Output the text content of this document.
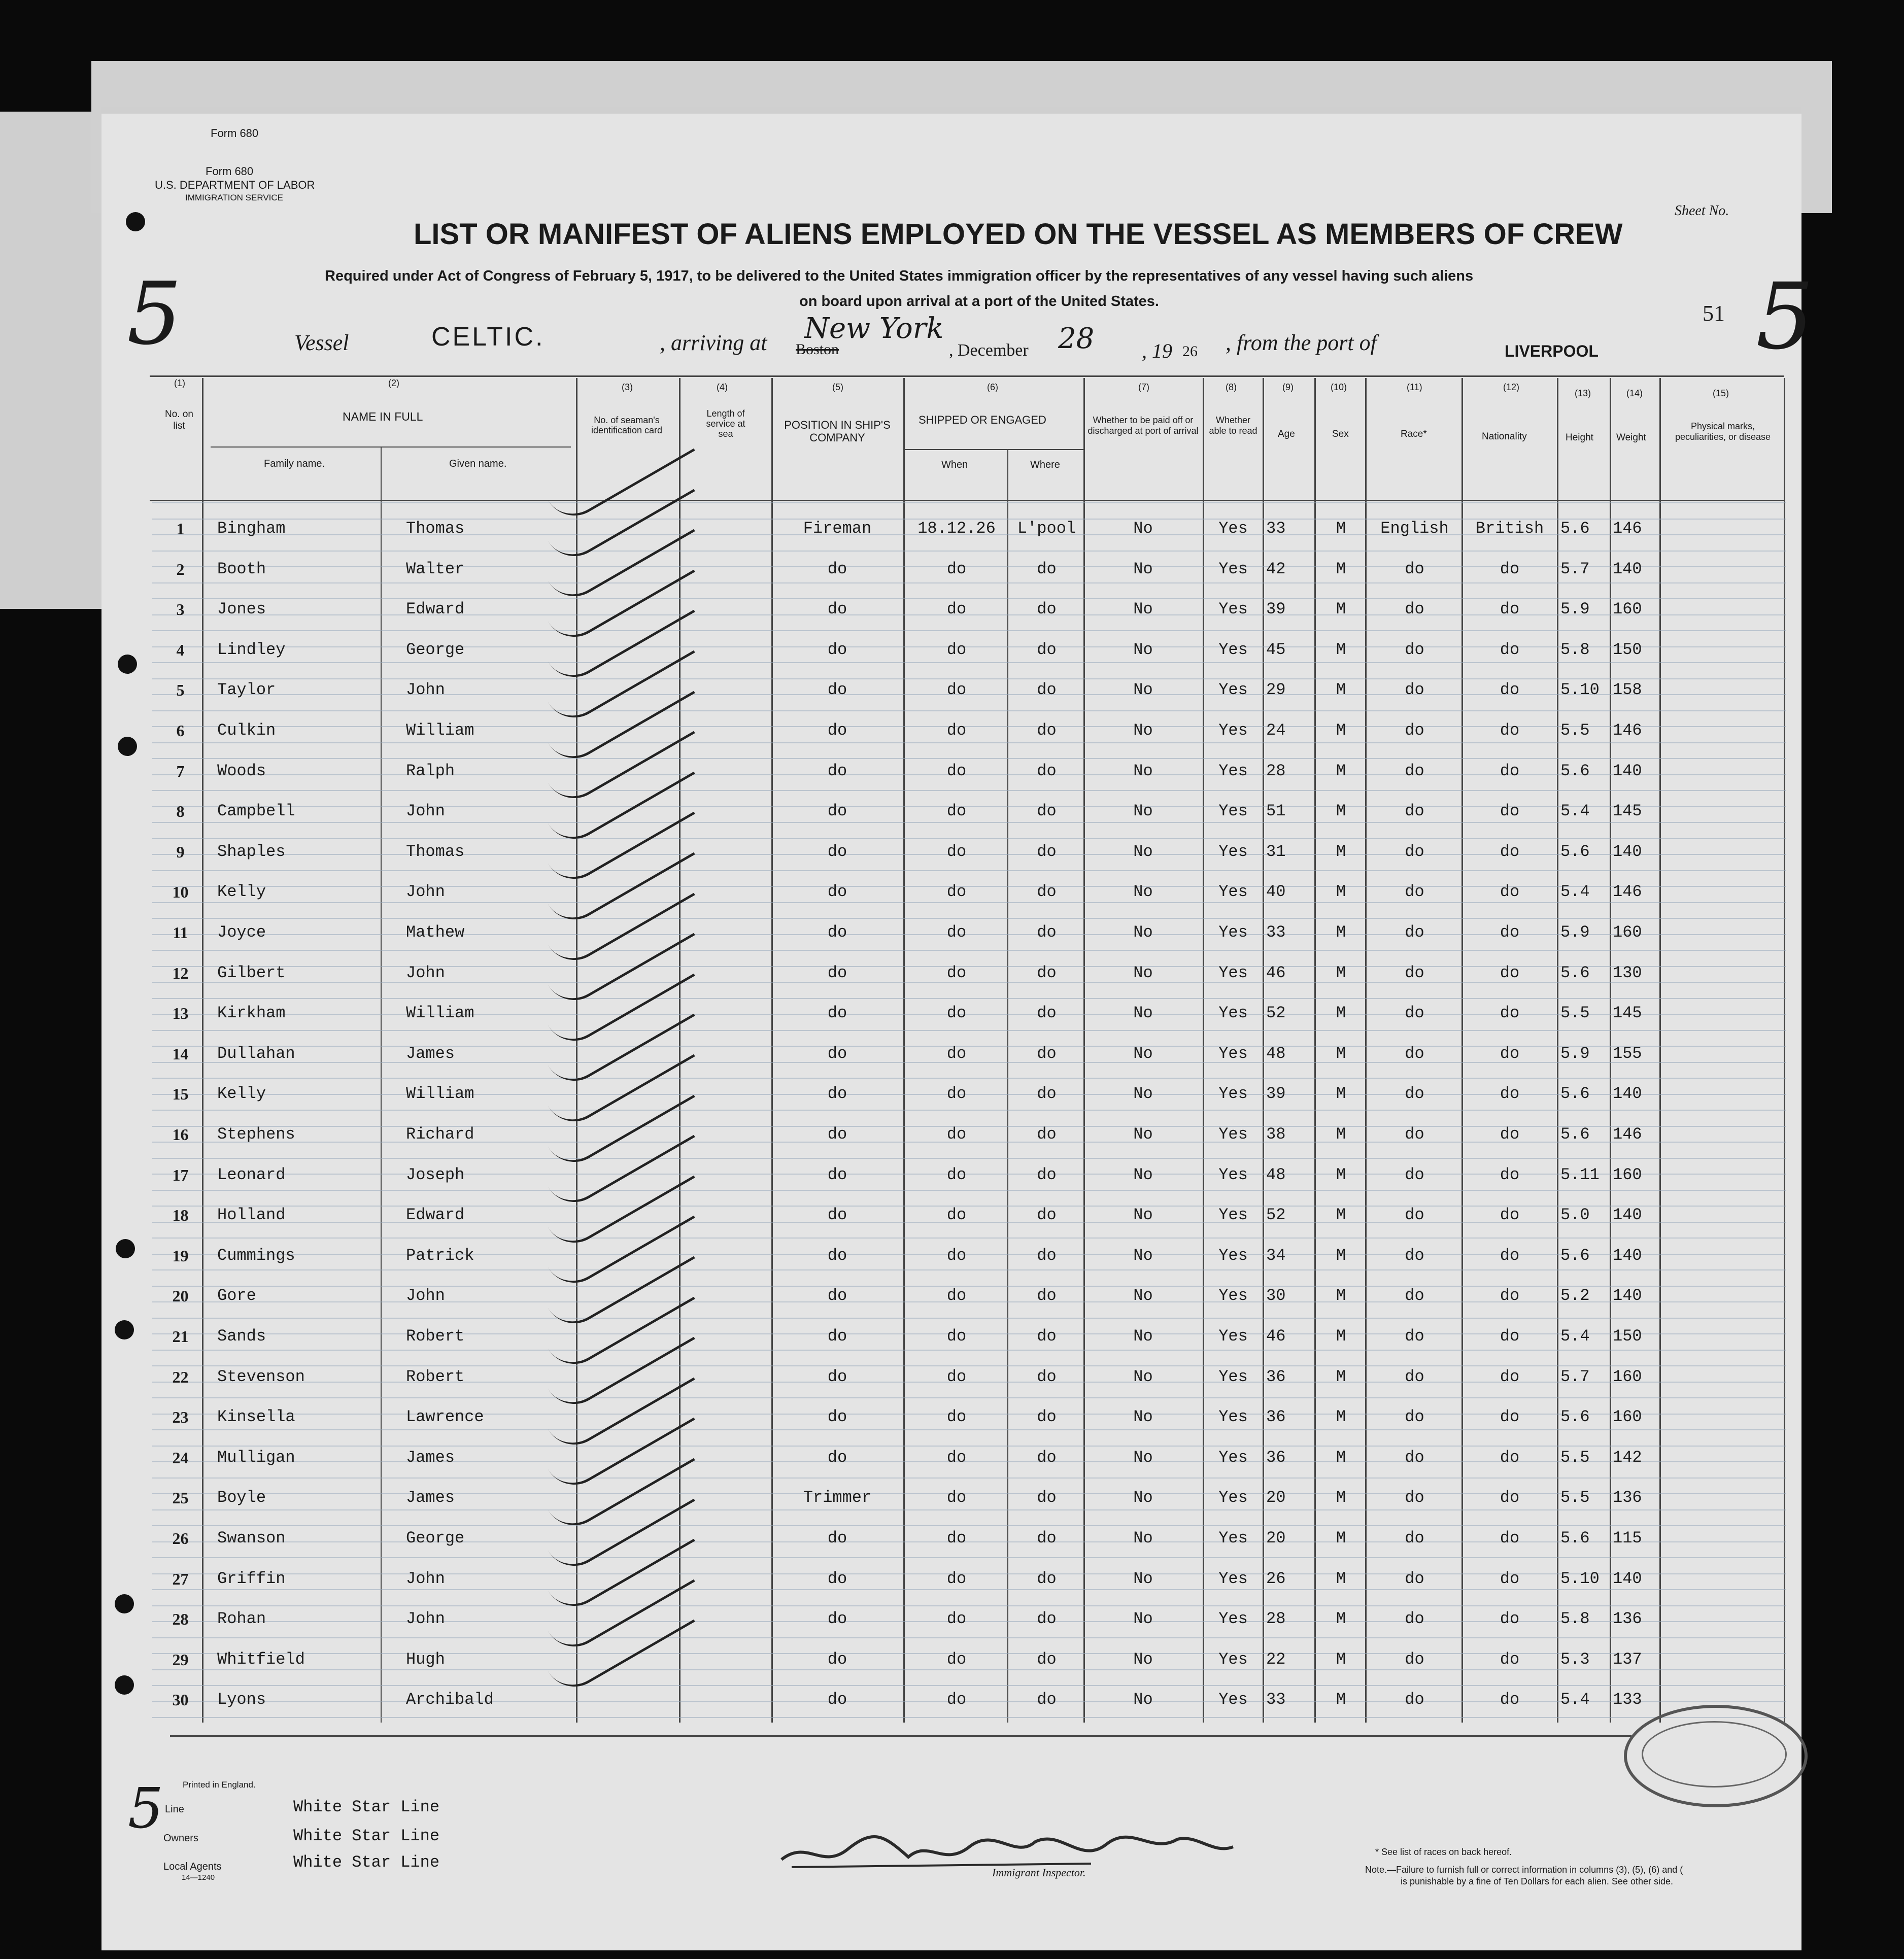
Form 680
Form 680
U.S. DEPARTMENT OF LABOR
IMMIGRATION SERVICE
Sheet No.
LIST OR MANIFEST OF ALIENS EMPLOYED ON THE VESSEL AS MEMBERS OF CREW
Required under Act of Congress of February 5, 1917, to be delivered to the United States immigration officer by the representatives of any vessel having such aliens
on board upon arrival at a port of the United States.	51
5	5
Vessel	CELTIC.	, arriving at Boston
New York
, December 28 , 19 26 , from the port of	LIVERPOOL
(1)	(2)	(3)	(4)	(5)	(6)	(7)	(8)	(9)	(10)	(11)	(12)
(13)	(14)	(15)
No. on list
NAME IN FULL
Family name.	Given name.
No. of seaman's identification card
Length of service at sea
POSITION IN SHIP'S COMPANY
SHIPPED OR ENGAGED
When	Where
Whether to be paid off or discharged at port of arrival
Whether able to read Age	Sex	Race*	Nationality	Height Weight
Physical marks, peculiarities, or disease
1	Bingham	Thomas	Fireman	18.12.26	L'pool	No	Yes	33	M	English	British	5.6	146
2	Booth	Walter	do	do	do	No	Yes	42	M	do	do	5.7	140
3	Jones	Edward	do	do	do	No	Yes	39	M	do	do	5.9	160
4	Lindley	George	do	do	do	No	Yes	45	M	do	do	5.8	150
5	Taylor	John	do	do	do	No	Yes	29	M	do	do	5.10 158
6	Culkin	William	do	do	do	No	Yes	24	M	do	do	5.5	146
7	Woods	Ralph	do	do	do	No	Yes	28	M	do	do	5.6	140
8	Campbell	John	do	do	do	No	Yes	51	M	do	do	5.4	145
9	Shaples	Thomas	do	do	do	No	Yes	31	M	do	do	5.6	140
10	Kelly	John	do	do	do	No	Yes	40	M	do	do	5.4	146
11	Joyce	Mathew	do	do	do	No	Yes	33	M	do	do	5.9	160
12	Gilbert	John	do	do	do	No	Yes	46	M	do	do	5.6	130
13	Kirkham	William	do	do	do	No	Yes	52	M	do	do	5.5	145
14	Dullahan	James	do	do	do	No	Yes	48	M	do	do	5.9	155
15	Kelly	William	do	do	do	No	Yes	39	M	do	do	5.6	140
16	Stephens	Richard	do	do	do	No	Yes	38	M	do	do	5.6	146
17	Leonard	Joseph	do	do	do	No	Yes	48	M	do	do	5.11 160
18	Holland	Edward	do	do	do	No	Yes	52	M	do	do	5.0	140
19	Cummings	Patrick	do	do	do	No	Yes	34	M	do	do	5.6	140
20	Gore	John	do	do	do	No	Yes	30	M	do	do	5.2	140
21	Sands	Robert	do	do	do	No	Yes	46	M	do	do	5.4	150
22	Stevenson	Robert	do	do	do	No	Yes	36	M	do	do	5.7	160
23	Kinsella	Lawrence	do	do	do	No	Yes	36	M	do	do	5.6	160
24	Mulligan	James	do	do	do	No	Yes	36	M	do	do	5.5	142
25	Boyle	James	Trimmer	do	do	No	Yes	20	M	do	do	5.5	136
26	Swanson	George	do	do	do	No	Yes	20	M	do	do	5.6	115
27	Griffin	John	do	do	do	No	Yes	26	M	do	do	5.10 140
28	Rohan	John	do	do	do	No	Yes	28	M	do	do	5.8	136
29	Whitfield	Hugh	do	do	do	No	Yes	22	M	do	do	5.3	137
30	Lyons	Archibald	do	do	do	No	Yes	33	M	do	do	5.4	133
Printed in England.
5 Line	White Star Line
Owners	White Star Line
Local Agents	White Star Line
14—1240	Immigrant Inspector.
* See list of races on back hereof.
Note.—Failure to furnish full or correct information in columns (3), (5), (6) and (
is punishable by a fine of Ten Dollars for each alien. See other side.
